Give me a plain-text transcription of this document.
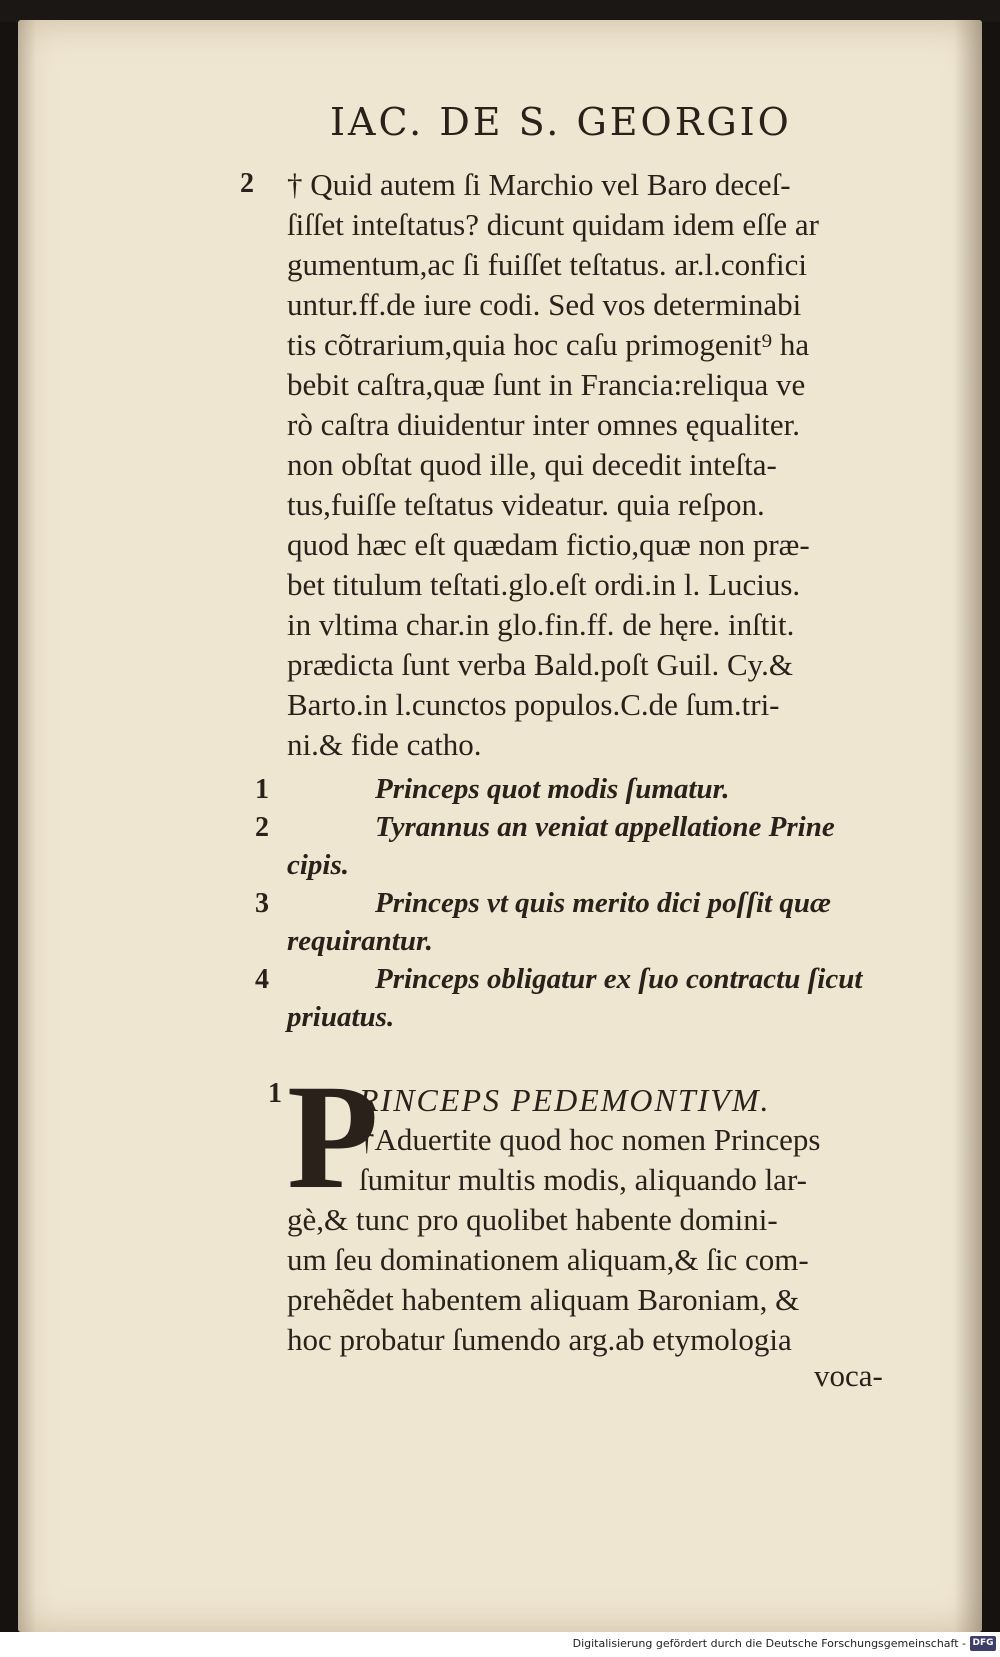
IAC. DE S. GEORGIO
2 † Quid autem ſi Marchio vel Baro deceſ-
ſiſſet inteſtatus? dicunt quidam idem eſſe ar
gumentum,ac ſi fuiſſet teſtatus. ar.l.confici
untur.ff.de iure codi. Sed vos determinabi
tis cõtrarium,quia hoc caſu primogenit⁹ ha
bebit caſtra,quæ ſunt in Francia:reliqua ve
rò caſtra diuidentur inter omnes ęqualiter.
non obſtat quod ille, qui decedit inteſta-
tus,fuiſſe teſtatus videatur. quia reſpon.
quod hæc eſt quædam fictio,quæ non præ-
bet titulum teſtati.glo.eſt ordi.in l. Lucius.
in vltima char.in glo.fin.ff. de hęre. inſtit.
prædicta ſunt verba Bald.poſt Guil. Cy.&
Barto.in l.cunctos populos.C.de ſum.tri-
ni.& fide catho.
1
2
3
4
Princeps quot modis ſumatur.
Tyrannus an veniat appellatione Prine
cipis.
Princeps vt quis merito dici poſſit quæ
requirantur.
Princeps obligatur ex ſuo contractu ſicut
priuatus.
1 P
RINCEPS PEDEMONTIVM.
†Aduertite quod hoc nomen Princeps
ſumitur multis modis, aliquando lar-
gè,& tunc pro quolibet habente domini-
um ſeu dominationem aliquam,& ſic com-
prehẽdet habentem aliquam Baroniam, &
hoc probatur ſumendo arg.ab etymologia
voca-
Digitalisierung gefördert durch die Deutsche Forschungsgemeinschaft - DFG
